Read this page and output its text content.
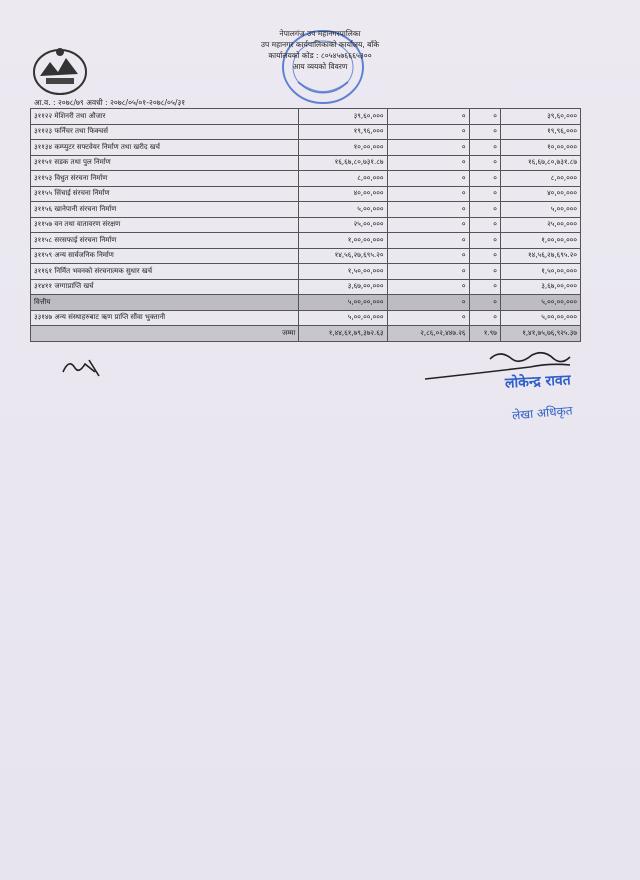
नेपालगंज उप महानगरपालिका
उप महानगर कार्यपालिकाको कार्यालय, बाँके
कार्यालयको कोड : ८०५४५७६६६५३००
आय व्ययको विवरण
आ.व. : २०७८/७९ अवधी : २०७८/०५/०१-२०७८/०५/३१
३११२२ मेशिनरी तथा औजार	३९,६०,०००	०	०	३९,६०,०००
३११२३ फर्निचर तथा फिक्चर्स	१९,९६,०००	०	०	१९,९६,०००
३११३४ कम्प्युटर सफ्टवेयर निर्माण तथा खरीद खर्च	१०,००,०००	०	०	१०,००,०००
३११५१ सडक तथा पुल निर्माण	१६,६७,८०,७३१.८७	०	०	१६,६७,८०,७३१.८७
३११५३ विधुत संरचना निर्माण	८,००,०००	०	०	८,००,०००
३११५५ सिंचाई संरचना निर्माण	४०,००,०००	०	०	४०,००,०००
३११५६ खानेपानी संरचना निर्माण	५,००,०००	०	०	५,००,०००
३११५७ वन तथा वातावरण संरक्षण	२५,००,०००	०	०	२५,००,०००
३११५८ सरसफाई संरचना निर्माण	१,००,००,०००	०	०	१,००,००,०००
३११५९ अन्य सार्वजनिक निर्माण	१४,५६,२७,६९५.२०	०	०	१४,५६,२७,६९५.२०
३११६१ निर्मित भवनको संरचनात्मक सुधार खर्च	१,५०,००,०००	०	०	१,५०,००,०००
३१४११ जग्गाप्राप्ति खर्च	३,६७,००,०००	०	०	३,६७,००,०००
वित्तीय	५,००,००,०००	०	०	५,००,००,०००
३३१४७ अन्य संस्थाहरुबाट ऋण प्राप्ति सौंवा भुक्तानी	५,००,००,०००	०	०	५,००,००,०००
जम्मा	१,४४,६१,७९,३७२.६३	२,८६,०२,४४७.२६	१.९७	१,४१,७५,७६,९२५.३७
लोकेन्द्र रावत
लेखा अधिकृत
